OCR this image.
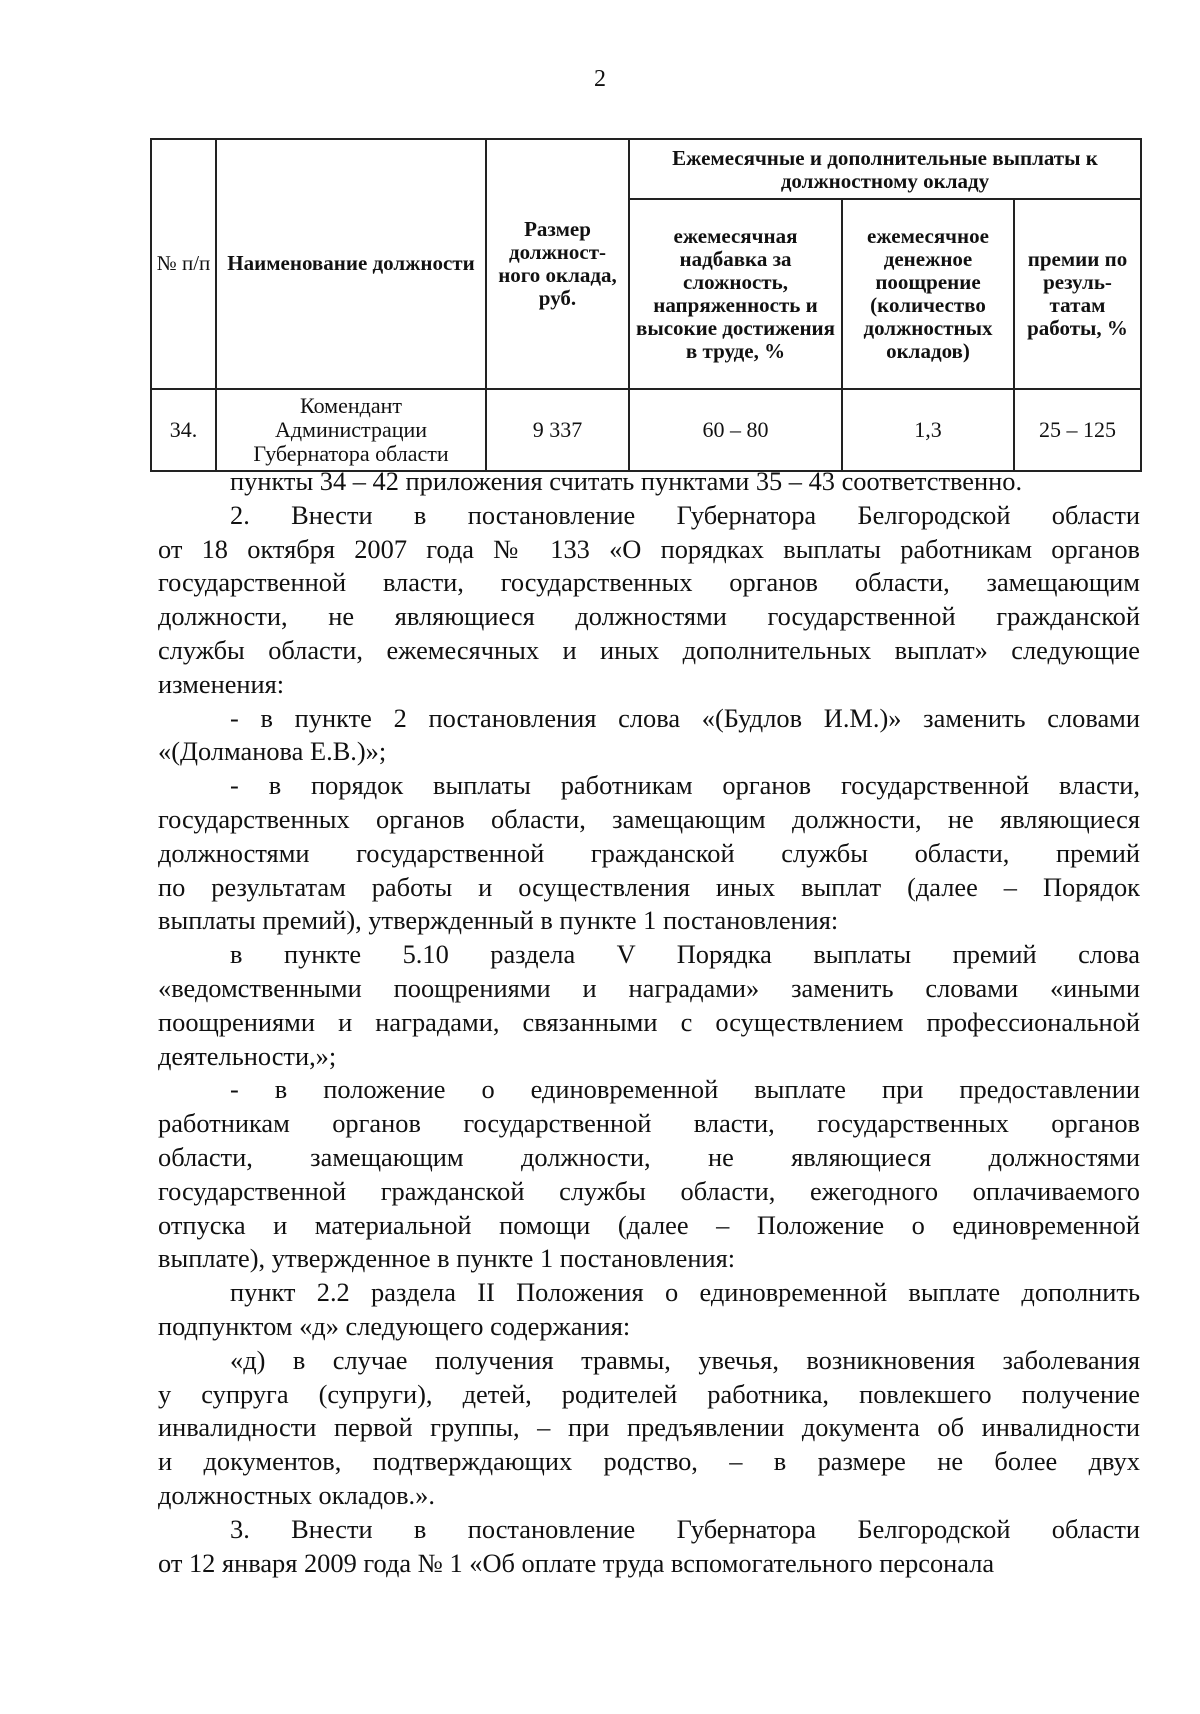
2
№ п/п	Наименование должности	Размер должност-ного оклада, руб.	Ежемесячные и дополнительные выплаты к должностному окладу		
			ежемесячная надбавка за сложность, напряженность и высокие достижения в труде, %	ежемесячное денежное поощрение (количество должностных окладов)	премии по резуль-татам работы, %
34.	Комендант Администрации Губернатора области	9 337	60 – 80	1,3	25 – 125

пункты 34 – 42 приложения считать пунктами 35 – 43 соответственно.

2. Внести в постановление Губернатора Белгородской области
от 18 октября 2007 года № 133 «О порядках выплаты работникам органов
государственной власти, государственных органов области, замещающим
должности, не являющиеся должностями государственной гражданской
службы области, ежемесячных и иных дополнительных выплат» следующие
изменения:

- в пункте 2 постановления слова «(Будлов И.М.)» заменить словами
«(Долманова Е.В.)»;

- в порядок выплаты работникам органов государственной власти,
государственных органов области, замещающим должности, не являющиеся
должностями государственной гражданской службы области, премий
по результатам работы и осуществления иных выплат (далее – Порядок
выплаты премий), утвержденный в пункте 1 постановления:

в пункте 5.10 раздела V Порядка выплаты премий слова
«ведомственными поощрениями и наградами» заменить словами «иными
поощрениями и наградами, связанными с осуществлением профессиональной
деятельности,»;

- в положение о единовременной выплате при предоставлении
работникам органов государственной власти, государственных органов
области, замещающим должности, не являющиеся должностями
государственной гражданской службы области, ежегодного оплачиваемого
отпуска и материальной помощи (далее – Положение о единовременной
выплате), утвержденное в пункте 1 постановления:

пункт 2.2 раздела II Положения о единовременной выплате дополнить
подпунктом «д» следующего содержания:

«д) в случае получения травмы, увечья, возникновения заболевания
у супруга (супруги), детей, родителей работника, повлекшего получение
инвалидности первой группы, – при предъявлении документа об инвалидности
и документов, подтверждающих родство, – в размере не более двух
должностных окладов.».

3. Внести в постановление Губернатора Белгородской области
от 12 января 2009 года № 1 «Об оплате труда вспомогательного персонала
